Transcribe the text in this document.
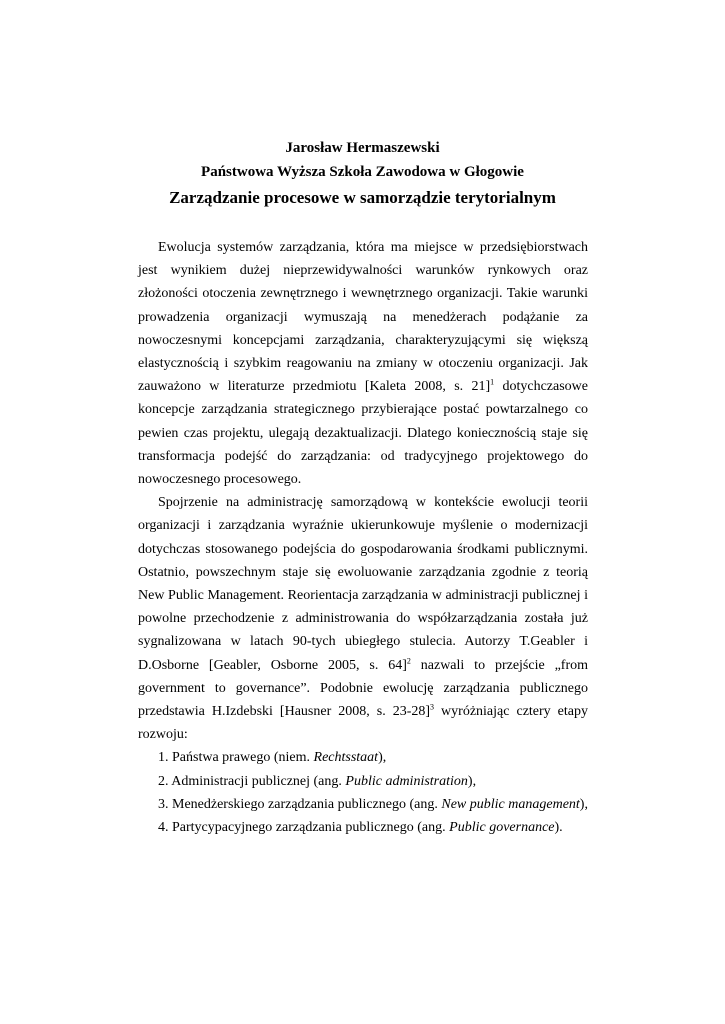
Jarosław Hermaszewski
Państwowa Wyższa Szkoła Zawodowa w Głogowie
Zarządzanie procesowe w samorządzie terytorialnym

Ewolucja systemów zarządzania, która ma miejsce w przedsiębiorstwach jest wynikiem dużej nieprzewidywalności warunków rynkowych oraz złożoności otoczenia zewnętrznego i wewnętrznego organizacji. Takie warunki prowadzenia organizacji wymuszają na menedżerach podążanie za nowoczesnymi koncepcjami zarządzania, charakteryzującymi się większą elastycznością i szybkim reagowaniu na zmiany w otoczeniu organizacji. Jak zauważono w literaturze przedmiotu [Kaleta 2008, s. 21]$^1$ dotychczasowe koncepcje zarządzania strategicznego przybierające postać powtarzalnego co pewien czas projektu, ulegają dezaktualizacji. Dlatego koniecznością staje się transformacja podejść do zarządzania: od tradycyjnego projektowego do nowoczesnego procesowego.

Spojrzenie na administrację samorządową w kontekście ewolucji teorii organizacji i zarządzania wyraźnie ukierunkowuje myślenie o modernizacji dotychczas stosowanego podejścia do gospodarowania środkami publicznymi. Ostatnio, powszechnym staje się ewoluowanie zarządzania zgodnie z teorią New Public Management. Reorientacja zarządzania w administracji publicznej i powolne przechodzenie z administrowania do współzarządzania została już sygnalizowana w latach 90-tych ubiegłego stulecia. Autorzy T.Geabler i D.Osborne [Geabler, Osborne 2005, s. 64]$^2$ nazwali to przejście „from government to governance”. Podobnie ewolucję zarządzania publicznego przedstawia H.Izdebski [Hausner 2008, s. 23-28]$^3$ wyróżniając cztery etapy rozwoju:

1. Państwa prawego (niem. Rechtsstaat),
2. Administracji publicznej (ang. Public administration),
3. Menedżerskiego zarządzania publicznego (ang. New public management),
4. Partycypacyjnego zarządzania publicznego (ang. Public governance).
